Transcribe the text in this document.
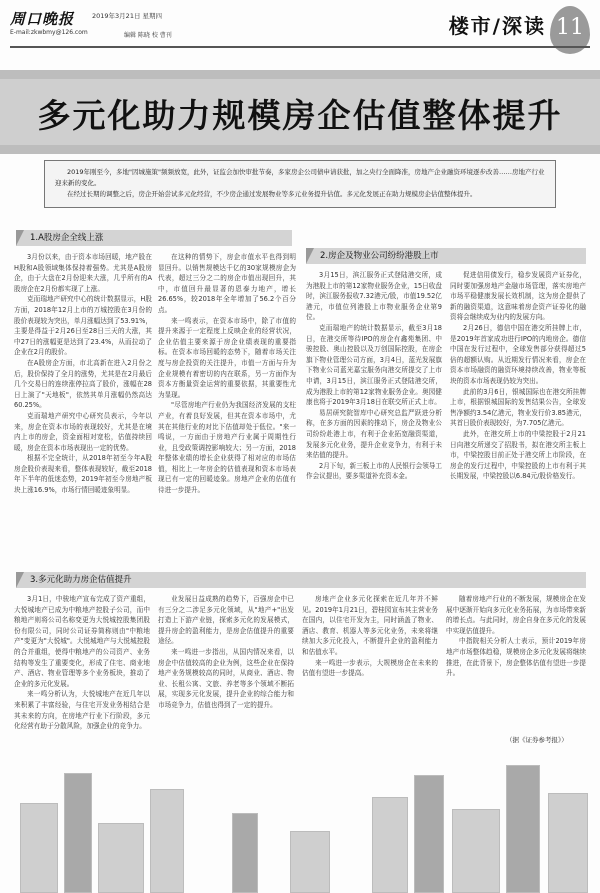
周口晚报
E-mail:zkwbmy@126.com
2019年3月21日 星期四
编辑 陈晓 校 曹刊	楼市/深读 11
多元化助力规模房企估值整体提升

2019年刚至今，多地"因城施策"频频放宽，此外，证监会加快审批节奏，多家房企公司债申请获批，加之央行全面降准，房地产企业融资环境逐步改善……房地产行业迎来新的变化。

在经过长期的调整之后，房企开始尝试多元化经营，不少房企通过发展物业等多元业务提升估值。多元化发展正在助力规模房企估值整体提升。

1.A股房企全线上涨

3月份以来，由于资本市场回暖，地产股在H股和A股领域集体保持着强势。尤其是A股房企，由于大盘在2月份迎来大涨，几乎所有的A股房企在2月份都实现了上涨。

克而瑞地产研究中心的统计数据显示，H股方面，2018年12月上市的万城控股在3月份的股价表现较为突出，单月涨幅达到了53.91%，主要是得益于2月26日至28日三天的大涨，其中27日的涨幅更是达到了23.4%，从而拉动了企业在2月的股价。

在A股房企方面，市北高新在进入2月份之后，股价保持了全月的涨势，尤其是在2月最后几个交易日的连续涨停拉高了股价，涨幅在28日上演了"天地板"，依然其单月涨幅仍然高达60.25%。

克而瑞地产研究中心研究员表示，今年以来，房企在资本市场的表现较好，尤其是在境内上市的房企，资金面相对宽松，估值持续回暖，房企在资本市场表现出一定的优势。

根据不完全统计，从2018年初至今年A股房企股价表现来看，整体表现较好，截至2018年下半年的低迷态势，2019年初至今房地产板块上涨16.9%，市场行情回暖迹象明显。

在这种的情势下，房企市值水平也得到明显回升。以销售规模达千亿的30家规模房企为代表，超过三分之二的房企市值出现回升，其中，市值回升最显著的恩泰力地产，增长26.65%，较2018年全年增加了56.2个百分点。

来一鸣表示，在资本市场中，除了市值的提升来源于一定程度上反映企业的经营状况，企业估值主要来源于房企业绩表现的重要指标。在资本市场回暖的态势下，随着市场关注度与房企投资的关注提升，市值一方面与升为企业规模有着密切的内在联系，另一方面作为资本方衡量资金运营的重要依据，其重要性尤为显现。

"尽管房地产行业仍为我国经济发展的支柱产业，有着良好发展，但其在资本市场中，尤其在其他行业的对比下估值却处于低位。"来一鸣说，一方面由于房地产行业属于周期性行业，且受政策调控影响较大；另一方面，2018年整体业绩的增长企业获得了相对应的市场估值，相比上一年房企的估值表现和资本市场表现已有一定的回暖迹象。房地产企业的估值有待进一步提升。

2.房企及物业公司纷纷港股上市

3月15日，滨江服务正式登陆港交所，成为港股上市的第12家物业服务企业，15日收盘时，滨江服务报收7.32港元/股，市值19.52亿港元，市值位列港股上市物业服务企业第9位。

克而瑞地产的统计数据显示，截至3月18日，在港交所等待IPO的房企有鑫苑集团、中骏控股、奥山控股以及万创国际控股，在房企旗下物业管理公司方面，3月4日，蓝光发展旗下物业公司蓝光嘉宝服务向港交所提交了上市申请，3月15日，滨江服务正式登陆港交所，成为港股上市的第12家物业服务企业。奥园健康也将于2019年3月18日在联交所正式上市。

易居研究院智库中心研究总监严跃进分析称，在多方面的因素的推动下，房企及物业公司纷纷赴港上市，有利于企业拓宽融资渠道，发展多元化业务，提升企业竞争力，有利于未来估值的提升。

2月下旬，新三板上市的人民银行会领导工作会议提出，要多渠道补充资本金。

促进信用债发行，稳步发展资产证券化，同时要加强房地产金融市场管理，落实房地产市场平稳健康发展长效机制，这为房企提供了新的融资渠道，这意味着房企资产证券化的融资将会继续成为业内的发展方向。

2月26日，德信中国在港交所挂牌上市，是2019年首家成功进行IPO的内地房企。德信中国在发行过程中，全球发售部分获得超过5倍的超额认购。从近期发行情况来看，房企在资本市场融资的融资环境持续改善，物业等板块的资本市场表现仍较为突出。

此前的3月6日，银城国际也在港交所挂牌上市，根据银城国际的发售结果公告，全球发售净额约3.54亿港元，物业发行价3.85港元，其首日股价表现较好，为7.705亿港元。

此外，在港交所上市的中梁控股于2月21日向港交所递交了招股书，拟在港交所主板上市，中梁控股目前正处于港交所上市阶段，在房企的发行过程中，中梁控股的上市有利于其长期发展，中梁控股以6.84元/股价格发行。

3.多元化助力房企估值提升

3月1日，中骏地产宣布完成了资产重组，大悦城地产已成为中粮地产控股子公司，而中粮地产则将公司名称变更为大悦城控股集团股份有限公司，同时公司证券简称则由"中粮地产"变更为"大悦城"。大悦城地产与大悦城控股的合并重组，使得中粮地产的公司资产、业务结构等发生了重要变化，形成了住宅、商业地产、酒店、物业管理等多个业务板块，推动了企业的多元化发展。

来一鸣分析认为，大悦城地产在近几年以来积累了丰富经验，与住宅开发业务相结合是其未来的方向，在房地产行业下行阶段，多元化经营有助于分散风险，加强企业的竞争力。

业发展日益成熟的趋势下，百强房企中已有三分之二涉足多元化领域，从"地产+"出发打造上下游产业链，探索多元化的发展模式，提升房企的盈利能力，是房企估值提升的重要途径。

来一鸣进一步指出，从国内情况来看，以房企中估值较高的企业为例，这些企业在保持地产业务规模较高的同时，从商业、酒店、物业、长租公寓、文旅、养老等多个领域不断拓展，实现多元化发展，提升企业的综合能力和市场竞争力，估值也得到了一定的提升。

房地产企业多元化探索在近几年并不鲜见。2019年1月21日，碧桂园宣布其主营业务在国内，以住宅开发为主，同时涵盖了物业、酒店、教育、机器人等多元化业务，未来将继续加大多元化投入，不断提升企业的盈利能力和估值水平。

来一鸣进一步表示，大规模房企在未来的估值有望进一步提高。

随着房地产行业的不断发展，规模房企在发展中逐渐开始向多元化业务拓展，为市场带来新的增长点。与此同时，房企自身在多元化的发展中实现估值提升。

中指院相关分析人士表示，预计2019年房地产市场整体趋稳，规模房企多元化发展将继续推进，在此背景下，房企整体估值有望进一步提升。

（据《证券参考报》）
